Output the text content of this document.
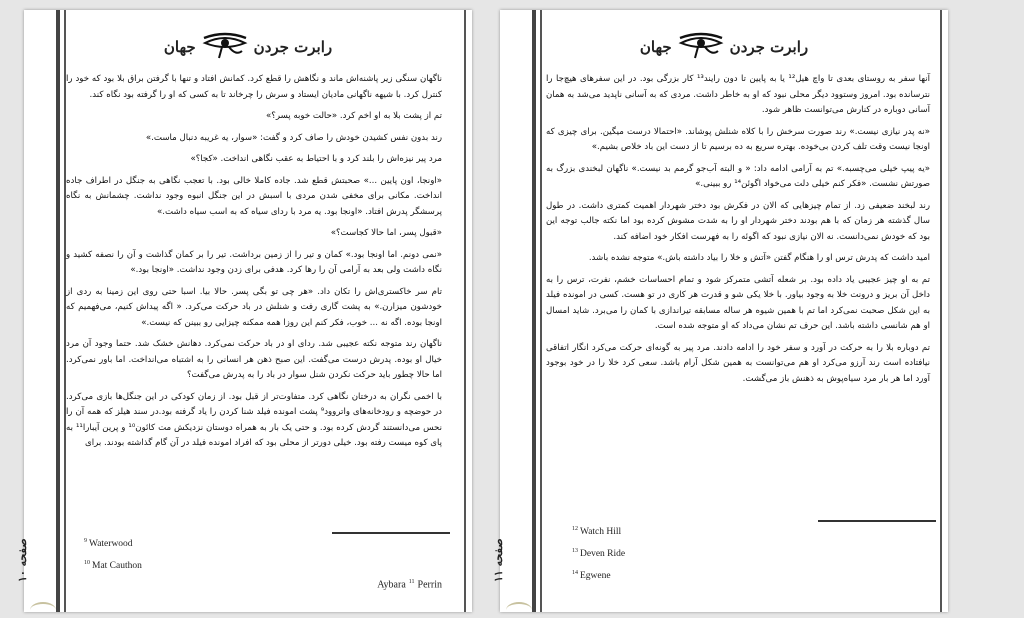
رابرت جردن
جهان

ناگهان سنگی زیر پاشنه‌اش ماند و نگاهش را قطع کرد. کمانش افتاد و تنها با گرفتن براق بلا بود که خود را کنترل کرد. با شیهه ناگهانی مادیان ایستاد و سرش را چرخاند تا به کسی که او را گرفته بود نگاه کند.

تم از پشت بلا به او اخم کرد. «حالت خوبه پسر؟»

رند بدون نفس کشیدن خودش را صاف کرد و گفت: «سوار، یه غریبه دنبال ماست.»

مرد پیر نیزه‌اش را بلند کرد و با احتیاط به عقب نگاهی انداخت. «کجا؟»

«اونجا، اون پایین ...» صحبتش قطع شد. جاده کاملا خالی بود. با تعجب نگاهی به جنگل در اطراف جاده انداخت. مکانی برای مخفی شدن مردی با اسبش در این جنگل انبوه وجود نداشت. چشمانش به نگاه پرسشگر پدرش افتاد. «اونجا بود. یه مرد با ردای سیاه که به اسب سیاه داشت.»

«قبول پسر، اما حالا کجاست؟»

«نمی دونم. اما اونجا بود.» کمان و تیر را از زمین برداشت. تیر را بر کمان گذاشت و آن را نصفه کشید و نگاه داشت ولی بعد به آرامی آن را رها کرد. هدفی برای زدن وجود نداشت. «اونجا بود.»

تام سر خاکستری‌اش را تکان داد. «هر چی تو بگی پسر. حالا بیا. اسبا حتی روی این زمینا به ردی از خودشون میزارن.» به پشت گاری رفت و شنلش در باد حرکت می‌کرد. « اگه پیداش کنیم، می‌فهمیم که اونجا بوده. اگه نه ... خوب، فکر کنم این روزا همه ممکنه چیزایی رو ببینن که نیست.»

ناگهان رند متوجه نکته عجیبی شد. ردای او در باد حرکت نمی‌کرد. دهانش خشک شد. حتما وجود آن مرد خیال او بوده. پدرش درست می‌گفت. این صبح ذهن هر انسانی را به اشتباه می‌انداخت. اما باور نمی‌کرد. اما حالا چطور باید حرکت نکردن شنل سوار در باد را به پدرش می‌گفت؟

با اخمی نگران به درختان نگاهی کرد. متفاوت‌تر از قبل بود. از زمان کودکی در این جنگل‌ها بازی می‌کرد. در حوضچه و رودخانه‌های واتروود⁹ پشت امونده فیلد شنا کردن را یاد گرفته بود.در سند هیلز که همه آن را نحس می‌دانستند گردش کرده بود. و حتی یک بار به همراه دوستان نزدیکش مت کائون¹⁰ و پرین آیبارا¹¹ به پای کوه میست رفته بود. خیلی دورتر از محلی بود که افراد امونده فیلد در آن گام گذاشته بودند. برای

$^9$ Waterwood
$^{10}$ Mat Cauthon
Aybara $^{11}$ Perrin
صفحه ۱۰
رابرت جردن
جهان

آنها سفر به روستای بعدی تا واچ هیل¹² یا به پایین تا دون رایند¹³ کار بزرگی بود. در این سفرهای هیچ‌جا را نترسانده بود. امروز وستوود دیگر محلی نبود که او به خاطر داشت. مردی که به آسانی ناپدید می‌شد به همان آسانی دوباره در کنارش می‌توانست ظاهر شود.

«نه پدر نیازی نیست.» رند صورت سرخش را با کلاه شنلش پوشاند. «احتمالا درست میگین. برای چیزی که اونجا نیست وقت تلف کردن بی‌خوده. بهتره سریع به ده برسیم تا از دست این باد خلاص بشیم.»

«یه پیپ خیلی می‌چسبه.» تم به آرامی ادامه داد: « و البته آب‌جو گرمم بد نیست.» ناگهان لبخندی بزرگ به صورتش نشست. «فکر کنم خیلی دلت می‌خواد اگوئن¹⁴ رو ببینی.»

رند لبخند ضعیفی زد. از تمام چیزهایی که الان در فکرش بود دختر شهردار اهمیت کمتری داشت. در طول سال گذشته هر زمان که با هم بودند دختر شهردار او را به شدت مشوش کرده بود اما نکته جالب توجه این بود که خودش نمی‌دانست. نه الان نیازی نبود که اگوئه را به فهرست افکار خود اضافه کند.

امید داشت که پدرش ترس او را هنگام گفتن «آتش و خلا را بیاد داشته باش.» متوجه نشده باشد.

تم به او چیز عجیبی یاد داده بود. بر شعله آتشی متمرکز شود و تمام احساسات خشم، نفرت، ترس را به داخل آن بریز و درونت خلا به وجود بیاور. با خلا یکی شو و قدرت هر کاری در تو هست. کسی در امونده فیلد به این شکل صحبت نمی‌کرد اما تم با همین شیوه هر ساله مسابقه تیراندازی با کمان را می‌برد. شاید امسال او هم شانسی داشته باشد. این حرف تم نشان می‌داد که او متوجه شده است.

تم دوباره بلا را به حرکت در آورد و سفر خود را ادامه دادند. مرد پیر به گونه‌ای حرکت می‌کرد انگار اتفاقی نیافتاده است رند آرزو می‌کرد او هم می‌توانست به همین شکل آرام باشد. سعی کرد خلا را در خود بوجود آورد اما هر بار مرد سیاه‌پوش به ذهنش باز می‌گشت.

$^{12}$ Watch Hill
$^{13}$ Deven Ride
$^{14}$ Egwene
صفحه ۱۱
